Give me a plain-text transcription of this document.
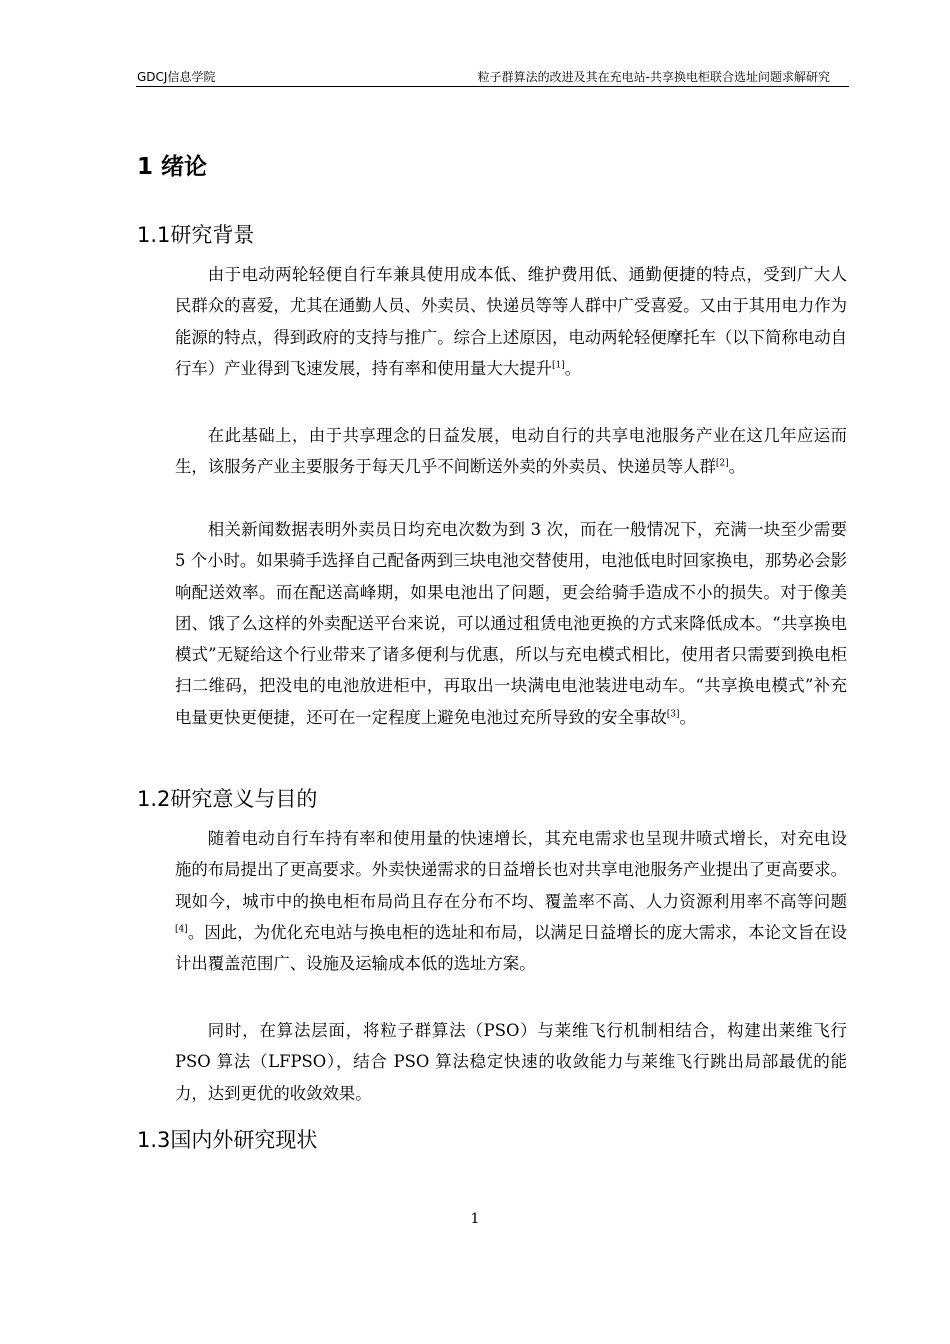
GDCJ信息学院	粒子群算法的改进及其在充电站-共享换电柜联合选址问题求解研究
1 绪论
1.1研究背景

由于电动两轮轻便自行车兼具使用成本低、维护费用低、通勤便捷的特点，受到广大人民群众的喜爱，尤其在通勤人员、外卖员、快递员等等人群中广受喜爱。又由于其用电力作为能源的特点，得到政府的支持与推广。综合上述原因，电动两轮轻便摩托车（以下简称电动自行车）产业得到飞速发展，持有率和使用量大大提升[1]。

在此基础上，由于共享理念的日益发展，电动自行的共享电池服务产业在这几年应运而生，该服务产业主要服务于每天几乎不间断送外卖的外卖员、快递员等人群[2]。

相关新闻数据表明外卖员日均充电次数为到 3 次，而在一般情况下，充满一块至少需要 5 个小时。如果骑手选择自己配备两到三块电池交替使用，电池低电时回家换电，那势必会影响配送效率。而在配送高峰期，如果电池出了问题，更会给骑手造成不小的损失。对于像美团、饿了么这样的外卖配送平台来说，可以通过租赁电池更换的方式来降低成本。“共享换电模式”无疑给这个行业带来了诸多便利与优惠，所以与充电模式相比，使用者只需要到换电柜扫二维码，把没电的电池放进柜中，再取出一块满电电池装进电动车。“共享换电模式”补充电量更快更便捷，还可在一定程度上避免电池过充所导致的安全事故[3]。

1.2研究意义与目的

随着电动自行车持有率和使用量的快速增长，其充电需求也呈现井喷式增长，对充电设施的布局提出了更高要求。外卖快递需求的日益增长也对共享电池服务产业提出了更高要求。现如今，城市中的换电柜布局尚且存在分布不均、覆盖率不高、人力资源利用率不高等问题[4]。因此，为优化充电站与换电柜的选址和布局，以满足日益增长的庞大需求，本论文旨在设计出覆盖范围广、设施及运输成本低的选址方案。

同时，在算法层面，将粒子群算法（PSO）与莱维飞行机制相结合，构建出莱维飞行 PSO 算法（LFPSO），结合 PSO 算法稳定快速的收敛能力与莱维飞行跳出局部最优的能力，达到更优的收敛效果。

1.3国内外研究现状
1
